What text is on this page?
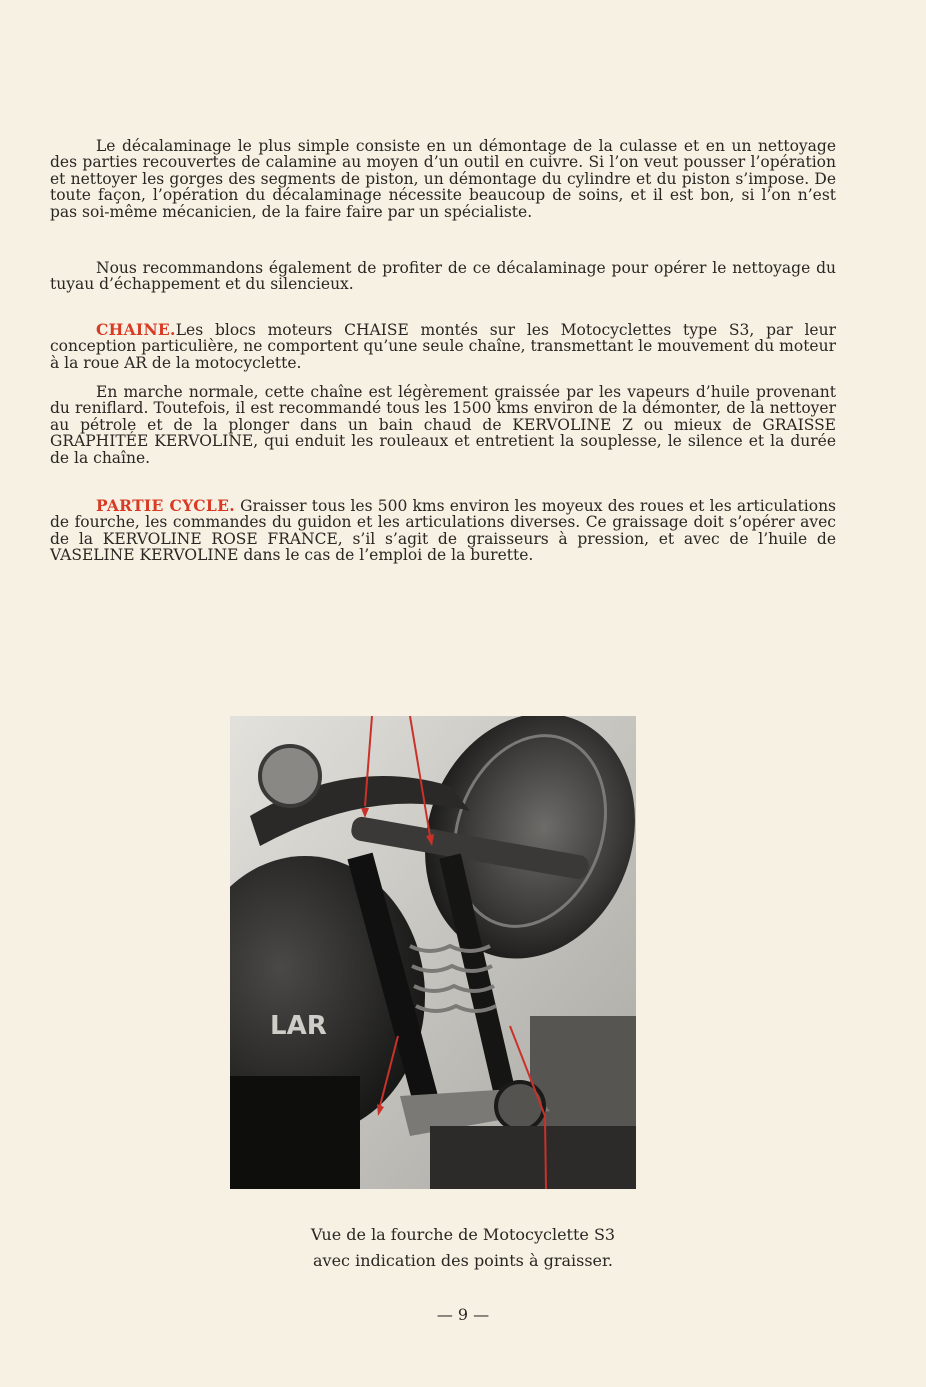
Le décalaminage le plus simple consiste en un démontage de la culasse et en un nettoyage des parties recouvertes de calamine au moyen d’un outil en cuivre. Si l’on veut pousser l’opération et nettoyer les gorges des segments de piston, un démontage du cylindre et du piston s’impose. De toute façon, l’opération du décalaminage nécessite beaucoup de soins, et il est bon, si l’on n’est pas soi-même mécanicien, de la faire faire par un spécialiste.

Nous recommandons également de profiter de ce décalaminage pour opérer le nettoyage du tuyau d’échappement et du silencieux.

CHAINE.Les blocs moteurs CHAISE montés sur les Motocyclettes type S3, par leur conception particulière, ne comportent qu’une seule chaîne, transmettant le mouvement du moteur à la roue AR de la motocyclette.

En marche normale, cette chaîne est légèrement graissée par les vapeurs d’huile provenant du reniflard. Toutefois, il est recommandé tous les 1500 kms environ de la démonter, de la nettoyer au pétrole et de la plonger dans un bain chaud de KERVOLINE Z ou mieux de GRAISSE GRAPHITÉE KERVOLINE, qui enduit les rouleaux et entretient la souplesse, le silence et la durée de la chaîne.

PARTIE CYCLE. Graisser tous les 500 kms environ les moyeux des roues et les articulations de fourche, les commandes du guidon et les articulations diverses. Ce graissage doit s’opérer avec de la KERVOLINE ROSE FRANCE, s’il s’agit de graisseurs à pression, et avec de l’huile de VASELINE KERVOLINE dans le cas de l’emploi de la burette.

LAR
Vue de la fourche de Motocyclette S3
avec indication des points à graisser.
— 9 —
